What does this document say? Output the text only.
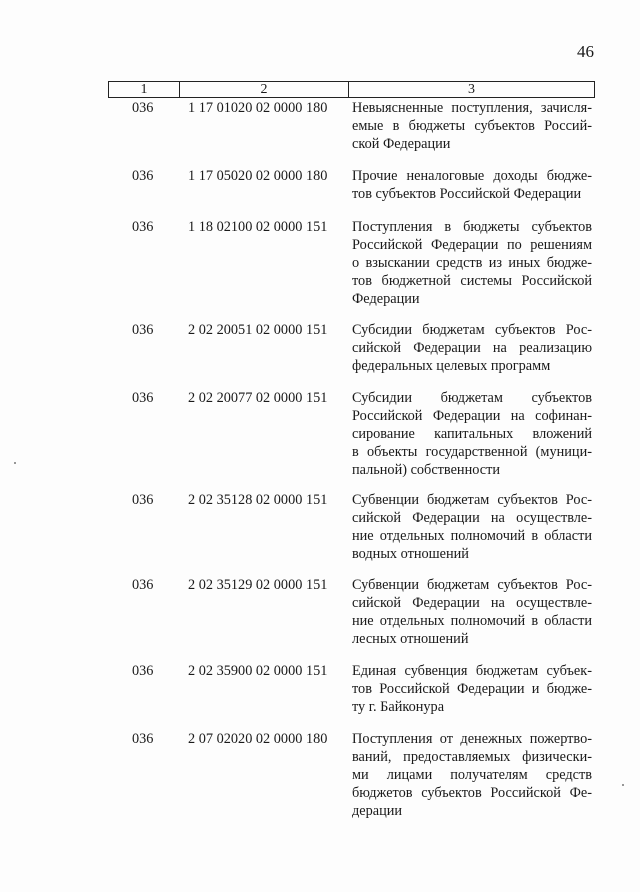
46
1	2	3
036 1 17 01020 02 0000 180 Невыясненные поступления, зачисля-
емые в бюджеты субъектов Россий-
ской Федерации
036 1 17 05020 02 0000 180 Прочие неналоговые доходы бюдже-
тов субъектов Российской Федерации
036 1 18 02100 02 0000 151 Поступления в бюджеты субъектов
Российской Федерации по решениям
о взыскании средств из иных бюдже-
тов бюджетной системы Российской
Федерации
036 2 02 20051 02 0000 151 Субсидии бюджетам субъектов Рос-
сийской Федерации на реализацию
федеральных целевых программ
036 2 02 20077 02 0000 151 Субсидии бюджетам субъектов
Российской Федерации на софинан-
сирование капитальных вложений
в объекты государственной (муници-
пальной) собственности
036 2 02 35128 02 0000 151 Субвенции бюджетам субъектов Рос-
сийской Федерации на осуществле-
ние отдельных полномочий в области
водных отношений
036 2 02 35129 02 0000 151 Субвенции бюджетам субъектов Рос-
сийской Федерации на осуществле-
ние отдельных полномочий в области
лесных отношений
036 2 02 35900 02 0000 151 Единая субвенция бюджетам субъек-
тов Российской Федерации и бюдже-
ту г. Байконура
036 2 07 02020 02 0000 180 Поступления от денежных пожертво-
ваний, предоставляемых физически-
ми лицами получателям средств
бюджетов субъектов Российской Фе-
дерации
